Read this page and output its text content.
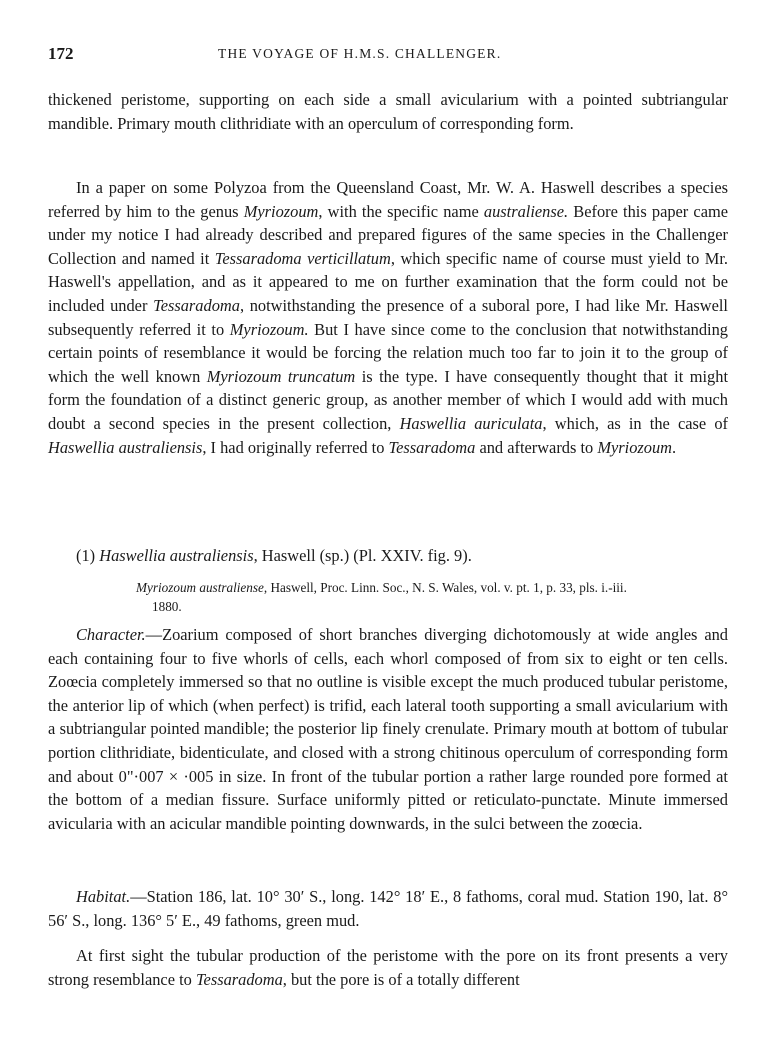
172	THE VOYAGE OF H.M.S. CHALLENGER.

thickened peristome, supporting on each side a small avicularium with a pointed subtriangular mandible. Primary mouth clithridiate with an operculum of corresponding form.

In a paper on some Polyzoa from the Queensland Coast, Mr. W. A. Haswell describes a species referred by him to the genus Myriozoum, with the specific name australiense. Before this paper came under my notice I had already described and prepared figures of the same species in the Challenger Collection and named it Tessaradoma verticillatum, which specific name of course must yield to Mr. Haswell's appellation, and as it appeared to me on further examination that the form could not be included under Tessaradoma, notwithstanding the presence of a suboral pore, I had like Mr. Haswell subsequently referred it to Myriozoum. But I have since come to the conclusion that notwithstanding certain points of resemblance it would be forcing the relation much too far to join it to the group of which the well known Myriozoum truncatum is the type. I have consequently thought that it might form the foundation of a distinct generic group, as another member of which I would add with much doubt a second species in the present collection, Haswellia auriculata, which, as in the case of Haswellia australiensis, I had originally referred to Tessaradoma and afterwards to Myriozoum.

(1) Haswellia australiensis, Haswell (sp.) (Pl. XXIV. fig. 9).
Myriozoum australiense, Haswell, Proc. Linn. Soc., N. S. Wales, vol. v. pt. 1, p. 33, pls. i.-iii.
1880.

Character.—Zoarium composed of short branches diverging dichotomously at wide angles and each containing four to five whorls of cells, each whorl composed of from six to eight or ten cells. Zoœcia completely immersed so that no outline is visible except the much produced tubular peristome, the anterior lip of which (when perfect) is trifid, each lateral tooth supporting a small avicularium with a subtriangular pointed mandible; the posterior lip finely crenulate. Primary mouth at bottom of tubular portion clithridiate, bidenticulate, and closed with a strong chitinous operculum of corresponding form and about 0"·007 × ·005 in size. In front of the tubular portion a rather large rounded pore formed at the bottom of a median fissure. Surface uniformly pitted or reticulato-punctate. Minute immersed avicularia with an acicular mandible pointing downwards, in the sulci between the zoœcia.

Habitat.—Station 186, lat. 10° 30′ S., long. 142° 18′ E., 8 fathoms, coral mud. Station 190, lat. 8° 56′ S., long. 136° 5′ E., 49 fathoms, green mud.

At first sight the tubular production of the peristome with the pore on its front presents a very strong resemblance to Tessaradoma, but the pore is of a totally different
